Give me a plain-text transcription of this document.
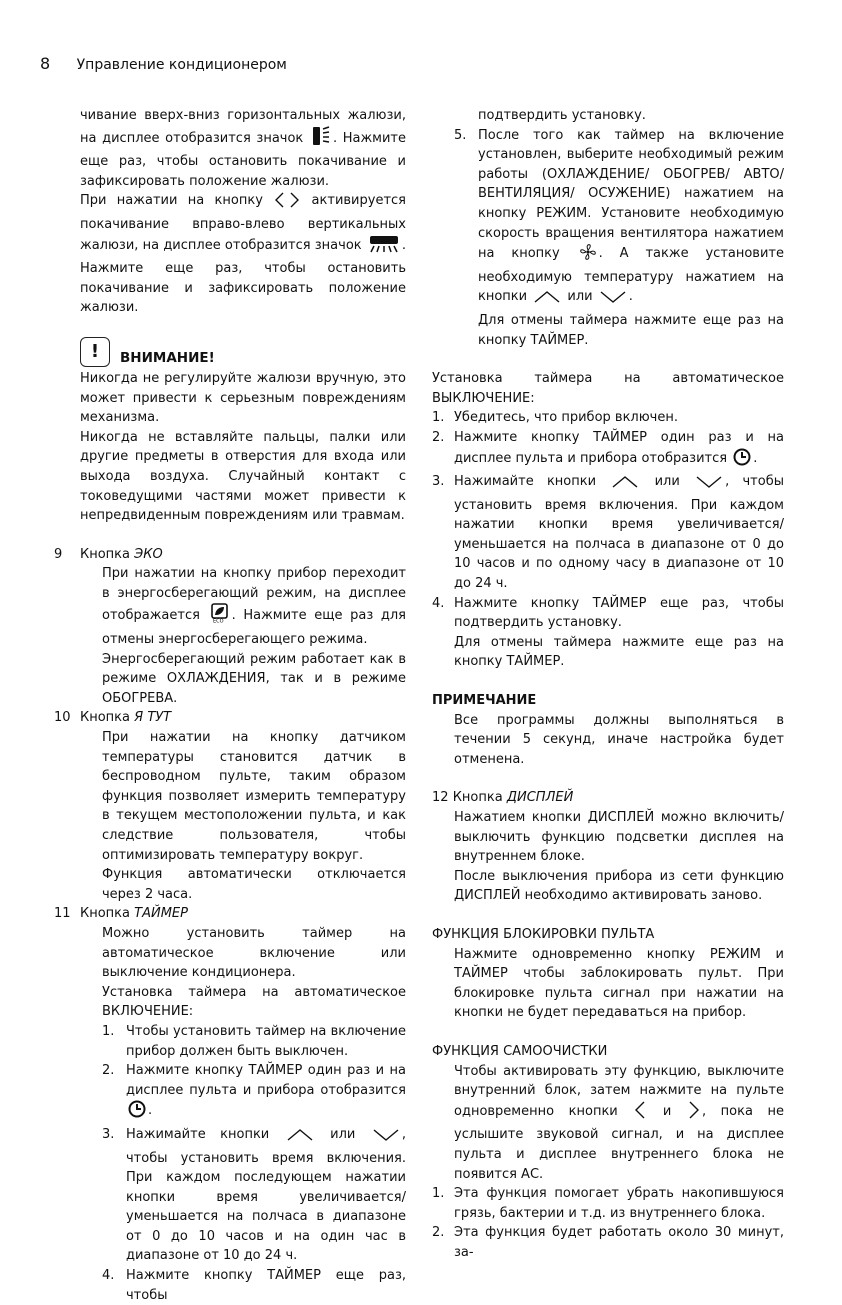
8 Управление кондиционером

чивание вверх-вниз горизонтальных жалюзи, на дисплее отобразится значок . Нажмите еще раз, чтобы остановить покачивание и зафиксировать положение жалюзи.

При нажатии на кнопку	активируется покачивание вправо-влево вертикальных жалюзи, на дисплее отобразится значок	. Нажмите еще раз, чтобы остановить покачивание и зафиксировать положение жалюзи.

! ВНИМАНИЕ!

Никогда не регулируйте жалюзи вручную, это может привести к серьезным повреждениям механизма.

Никогда не вставляйте пальцы, палки или другие предметы в отверстия для входа или выхода воздуха. Случайный контакт с токоведущими частями может привести к непредвиденным повреждениям или травмам.

9 Кнопка ЭКО

При нажатии на кнопку прибор переходит в энергосберегающий режим, на дисплее отображается	ECO . Нажмите еще раз для отмены энергосберегающего режима.

Энергосберегающий режим работает как в режиме ОХЛАЖДЕНИЯ, так и в режиме ОБОГРЕВА.

10 Кнопка Я ТУТ

При нажатии на кнопку датчиком температуры становится датчик в беспроводном пульте, таким образом функция позволяет измерить температуру в текущем местоположении пульта, и как следствие пользователя, чтобы оптимизировать температуру вокруг.

Функция автоматически отключается через 2 часа.

11 Кнопка ТАЙМЕР

Можно установить таймер на автоматическое включение или выключение кондиционера.

Установка таймера на автоматическое ВКЛЮЧЕНИЕ:

1. Чтобы установить таймер на включение прибор должен быть выключен.

2. Нажмите кнопку ТАЙМЕР один раз и на дисплее пульта и прибора отобразится .

3. Нажимайте кнопки	или	, чтобы установить время включения. При каждом последующем нажатии кнопки время увеличивается/уменьшается на полчаса в диапазоне от 0 до 10 часов и на один час в диапазоне от 10 до 24 ч.

4. Нажмите кнопку ТАЙМЕР еще раз, чтобы

подтвердить установку.

5. После того как таймер на включение установлен, выберите необходимый режим работы (ОХЛАЖДЕНИЕ/ ОБОГРЕВ/ АВТО/ ВЕНТИЛЯЦИЯ/ ОСУЖЕНИЕ) нажатием на кнопку РЕЖИМ. Установите необходимую скорость вращения вентилятора нажатием на кнопку	. А также установите необходимую температуру нажатием на кнопки	или	.

Для отмены таймера нажмите еще раз на кнопку ТАЙМЕР.

Установка таймера на автоматическое ВЫКЛЮЧЕНИЕ:

1. Убедитесь, что прибор включен.

2. Нажмите кнопку ТАЙМЕР один раз и на дисплее пульта и прибора отобразится .

3. Нажимайте кнопки	или	, чтобы установить время включения. При каждом нажатии кнопки время увеличивается/уменьшается на полчаса в диапазоне от 0 до 10 часов и по одному часу в диапазоне от 10 до 24 ч.

4. Нажмите кнопку ТАЙМЕР еще раз, чтобы подтвердить установку.

Для отмены таймера нажмите еще раз на кнопку ТАЙМЕР.

ПРИМЕЧАНИЕ

Все программы должны выполняться в течении 5 секунд, иначе настройка будет отменена.

12 Кнопка ДИСПЛЕЙ

Нажатием кнопки ДИСПЛЕЙ можно включить/ выключить функцию подсветки дисплея на внутреннем блоке.

После выключения прибора из сети функцию ДИСПЛЕЙ необходимо активировать заново.

ФУНКЦИЯ БЛОКИРОВКИ ПУЛЬТА

Нажмите одновременно кнопку РЕЖИМ и ТАЙМЕР чтобы заблокировать пульт. При блокировке пульта сигнал при нажатии на кнопки не будет передаваться на прибор.

ФУНКЦИЯ САМООЧИСТКИ

Чтобы активировать эту функцию, выключите внутренний блок, затем нажмите на пульте одновременно кнопки	и , пока не услышите звуковой сигнал, и на дисплее пульта и дисплее внутреннего блока не появится АС.

1. Эта функция помогает убрать накопившуюся грязь, бактерии и т.д. из внутреннего блока.

2. Эта функция будет работать около 30 минут, за-
